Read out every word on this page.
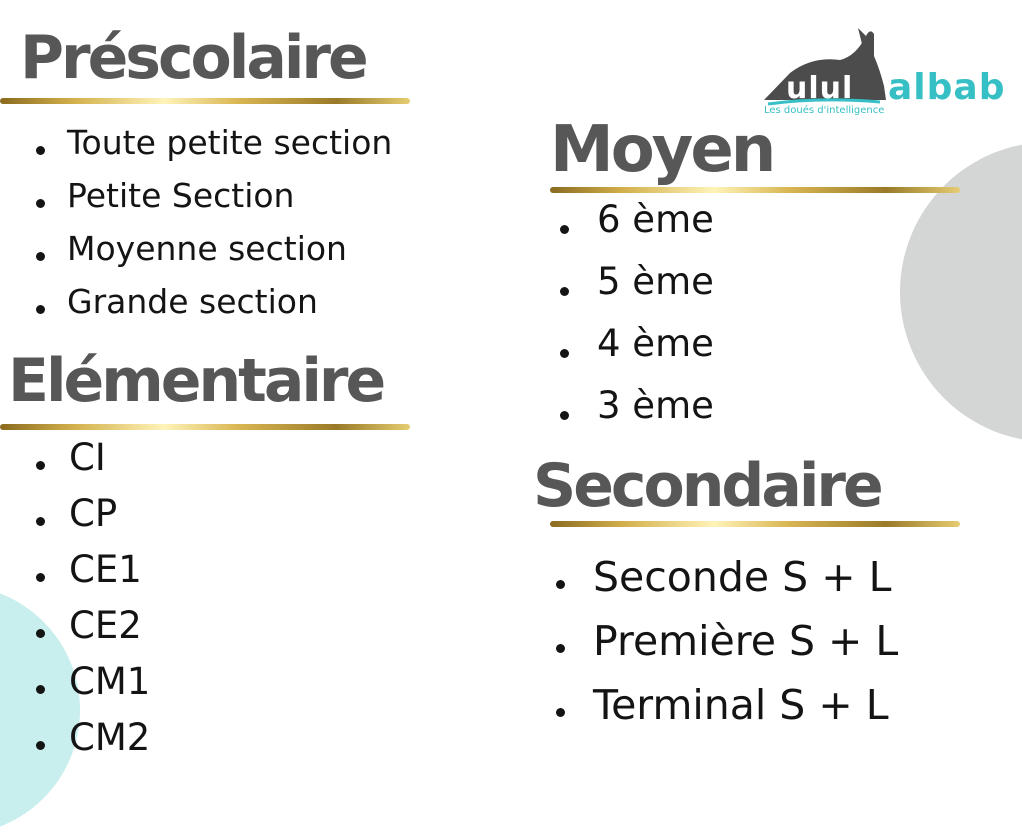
ulul albab
Les doués d'intelligence
Préscolaire
Toute petite section
Petite Section
Moyenne section
Grande section
Elémentaire
CI
CP
CE1
CE2
CM1
CM2
Moyen
6 ème
5 ème
4 ème
3 ème
Secondaire
Seconde S + L
Première S + L
Terminal S + L
